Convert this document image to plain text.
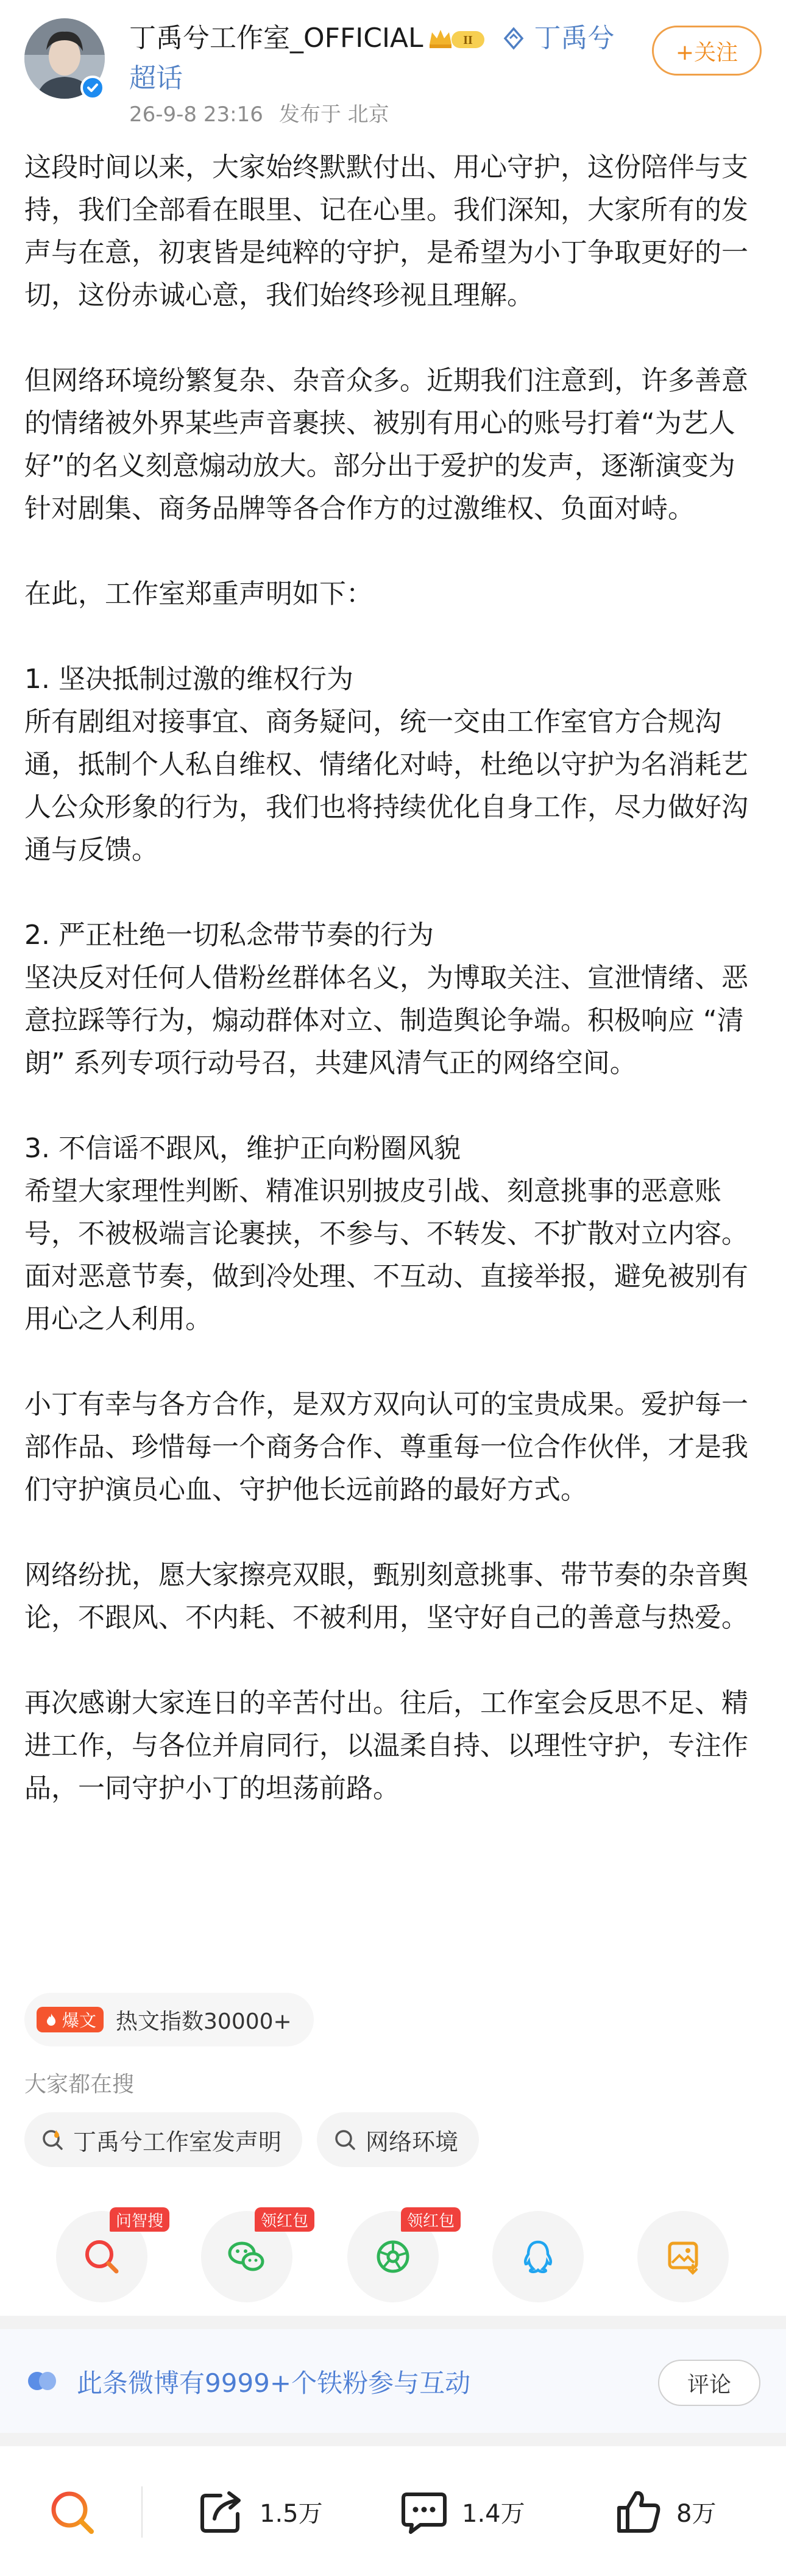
丁禹兮工作室_OFFICIAL	II 丁禹兮超话
26-9-8 23:16 发布于 北京
+关注
这段时间以来，大家始终默默付出、用心守护，这份陪伴与支持，我们全部看在眼里、记在心里。我们深知，大家所有的发声与在意，初衷皆是纯粹的守护，是希望为小丁争取更好的一切，这份赤诚心意，我们始终珍视且理解。
但网络环境纷繁复杂、杂音众多。近期我们注意到，许多善意的情绪被外界某些声音裹挟、被别有用心的账号打着“为艺人好”的名义刻意煽动放大。部分出于爱护的发声，逐渐演变为针对剧集、商务品牌等各合作方的过激维权、负面对峙。
在此，工作室郑重声明如下：
1. 坚决抵制过激的维权行为
所有剧组对接事宜、商务疑问，统一交由工作室官方合规沟通，抵制个人私自维权、情绪化对峙，杜绝以守护为名消耗艺人公众形象的行为，我们也将持续优化自身工作，尽力做好沟通与反馈。
2. 严正杜绝一切私念带节奏的行为
坚决反对任何人借粉丝群体名义，为博取关注、宣泄情绪、恶意拉踩等行为，煽动群体对立、制造舆论争端。积极响应 “清朗” 系列专项行动号召，共建风清气正的网络空间。
3. 不信谣不跟风，维护正向粉圈风貌
希望大家理性判断、精准识别披皮引战、刻意挑事的恶意账号，不被极端言论裹挟，不参与、不转发、不扩散对立内容。面对恶意节奏，做到冷处理、不互动、直接举报，避免被别有用心之人利用。
小丁有幸与各方合作，是双方双向认可的宝贵成果。爱护每一部作品、珍惜每一个商务合作、尊重每一位合作伙伴，才是我们守护演员心血、守护他长远前路的最好方式。
网络纷扰，愿大家擦亮双眼，甄别刻意挑事、带节奏的杂音舆论，不跟风、不内耗、不被利用，坚守好自己的善意与热爱。
再次感谢大家连日的辛苦付出。往后，工作室会反思不足、精进工作，与各位并肩同行，以温柔自持、以理性守护，专注作品，一同守护小丁的坦荡前路。
爆文 热文指数30000+
大家都在搜
丁禹兮工作室发声明	网络环境
问智搜	领红包	领红包
此条微博有9999+个铁粉参与互动	评论
1.5万	1.4万	8万
